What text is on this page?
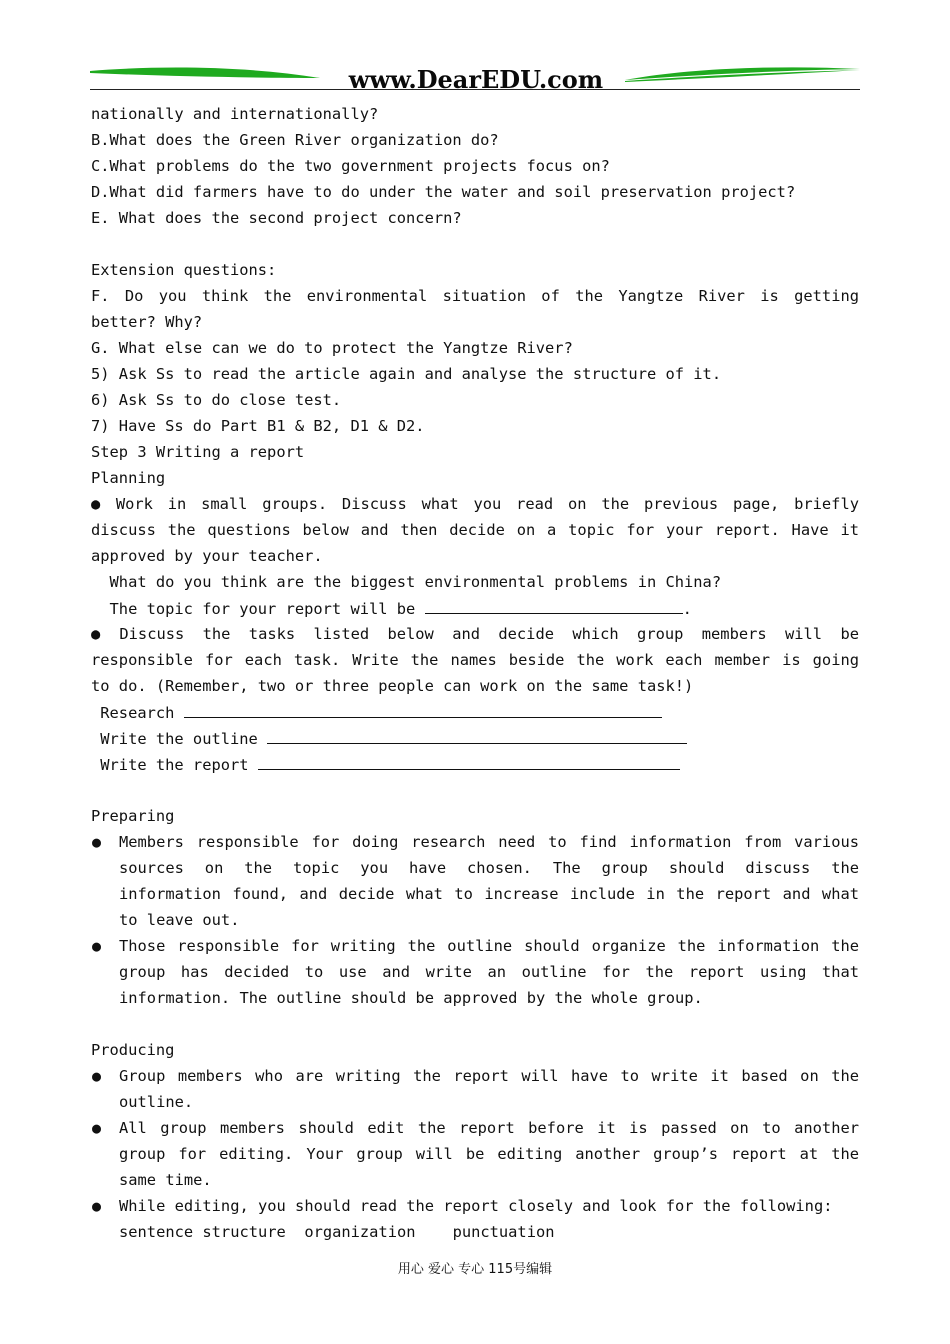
www.DearEDU.com
nationally and internationally?
B.What does the Green River organization do?
C.What problems do the two government projects focus on?
D.What did farmers have to do under the water and soil preservation project?
E. What does the second project concern?
Extension questions:
F. Do you think the environmental situation of the Yangtze River is getting
better? Why?
G. What else can we do to protect the Yangtze River?
5) Ask Ss to read the article again and analyse the structure of it.
6) Ask Ss to do close test.
7) Have Ss do Part B1 & B2, D1 & D2.
Step 3 Writing a report
Planning
● Work in small groups. Discuss what you read on the previous page, briefly
discuss the questions below and then decide on a topic for your report. Have it
approved by your teacher.
What do you think are the biggest environmental problems in China?
The topic for your report will be	.
● Discuss the tasks listed below and decide which group members will be
responsible for each task. Write the names beside the work each member is going
to do. (Remember, two or three people can work on the same task!)
Research
Write the outline
Write the report
Preparing
● Members responsible for doing research need to find information from various
sources on the topic you have chosen. The group should discuss the
information found, and decide what to increase include in the report and what
to leave out.
● Those responsible for writing the outline should organize the information the
group has decided to use and write an outline for the report using that
information. The outline should be approved by the whole group.
Producing
● Group members who are writing the report will have to write it based on the
outline.
● All group members should edit the report before it is passed on to another
group for editing. Your group will be editing another group’s report at the
same time.
● While editing, you should read the report closely and look for the following:
sentence structure  organization    punctuation
用心 爱心 专心 115号编辑
